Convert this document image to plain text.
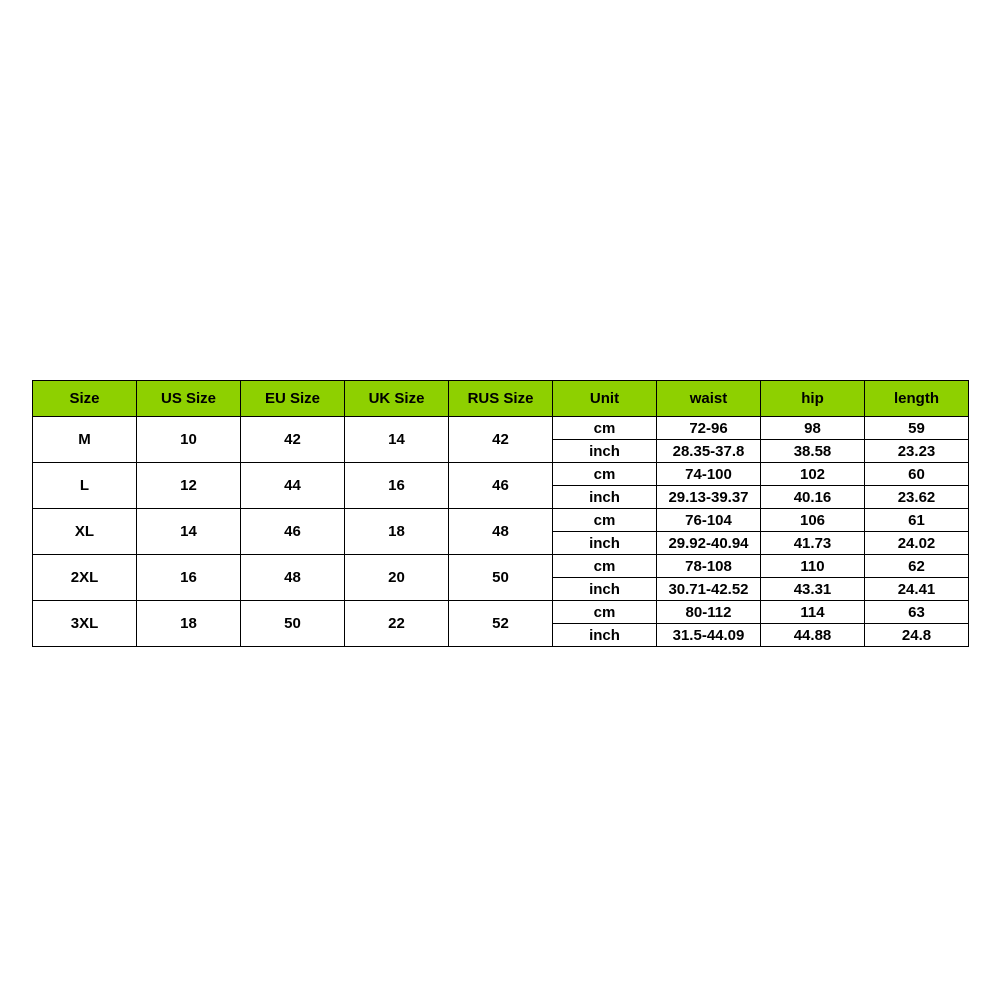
Size	US Size	EU Size	UK Size	RUS Size	Unit	waist	hip	length
M	10	42	14	42	cm	72-96	98	59
					inch	28.35-37.8	38.58	23.23
L	12	44	16	46	cm	74-100	102	60
					inch	29.13-39.37	40.16	23.62
XL	14	46	18	48	cm	76-104	106	61
					inch	29.92-40.94	41.73	24.02
2XL	16	48	20	50	cm	78-108	110	62
					inch	30.71-42.52	43.31	24.41
3XL	18	50	22	52	cm	80-112	114	63
					inch	31.5-44.09	44.88	24.8
